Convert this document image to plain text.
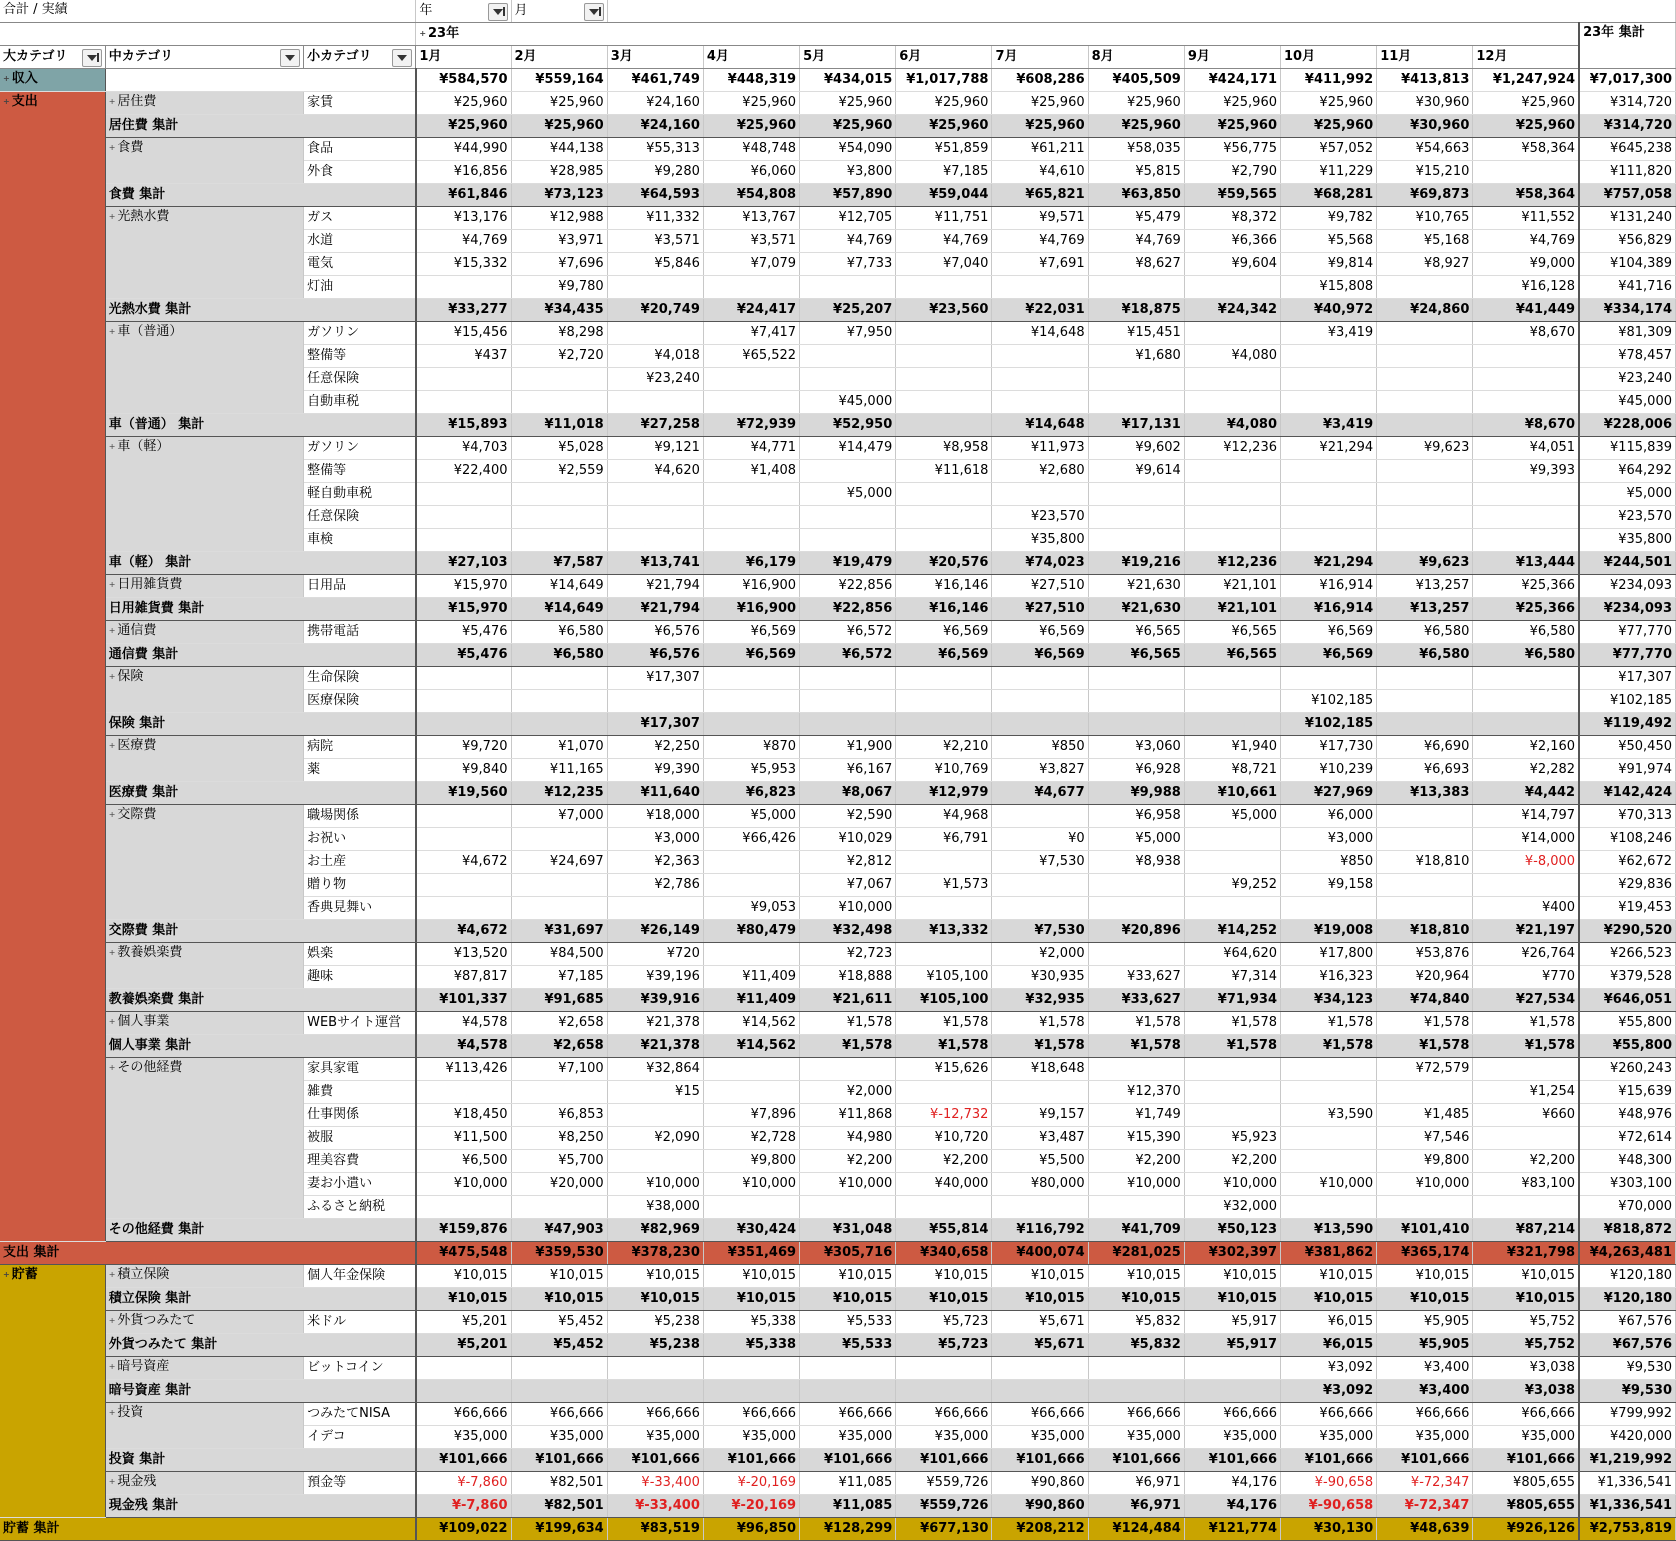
合計 / 実績			年	月										

			+ 23年												23年 集計
大カテゴリ	中カテゴリ	小カテゴリ	1月	2月	3月	4月	5月	6月	7月	8月	9月	10月	11月	12月	
+ 収入			¥584,570	¥559,164	¥461,749	¥448,319	¥434,015	¥1,017,788	¥608,286	¥405,509	¥424,171	¥411,992	¥413,813	¥1,247,924	¥7,017,300
+ 支出	+ 居住費	家賃	¥25,960	¥25,960	¥24,160	¥25,960	¥25,960	¥25,960	¥25,960	¥25,960	¥25,960	¥25,960	¥30,960	¥25,960	¥314,720
	居住費 集計		¥25,960	¥25,960	¥24,160	¥25,960	¥25,960	¥25,960	¥25,960	¥25,960	¥25,960	¥25,960	¥30,960	¥25,960	¥314,720
	+ 食費	食品	¥44,990	¥44,138	¥55,313	¥48,748	¥54,090	¥51,859	¥61,211	¥58,035	¥56,775	¥57,052	¥54,663	¥58,364	¥645,238
		外食	¥16,856	¥28,985	¥9,280	¥6,060	¥3,800	¥7,185	¥4,610	¥5,815	¥2,790	¥11,229	¥15,210		¥111,820
	食費 集計		¥61,846	¥73,123	¥64,593	¥54,808	¥57,890	¥59,044	¥65,821	¥63,850	¥59,565	¥68,281	¥69,873	¥58,364	¥757,058
	+ 光熱水費	ガス	¥13,176	¥12,988	¥11,332	¥13,767	¥12,705	¥11,751	¥9,571	¥5,479	¥8,372	¥9,782	¥10,765	¥11,552	¥131,240
		水道	¥4,769	¥3,971	¥3,571	¥3,571	¥4,769	¥4,769	¥4,769	¥4,769	¥6,366	¥5,568	¥5,168	¥4,769	¥56,829
		電気	¥15,332	¥7,696	¥5,846	¥7,079	¥7,733	¥7,040	¥7,691	¥8,627	¥9,604	¥9,814	¥8,927	¥9,000	¥104,389
		灯油		¥9,780								¥15,808		¥16,128	¥41,716
	光熱水費 集計		¥33,277	¥34,435	¥20,749	¥24,417	¥25,207	¥23,560	¥22,031	¥18,875	¥24,342	¥40,972	¥24,860	¥41,449	¥334,174
	+ 車（普通）	ガソリン	¥15,456	¥8,298		¥7,417	¥7,950		¥14,648	¥15,451		¥3,419		¥8,670	¥81,309
		整備等	¥437	¥2,720	¥4,018	¥65,522				¥1,680	¥4,080				¥78,457
		任意保険			¥23,240										¥23,240
		自動車税					¥45,000								¥45,000
	車（普通） 集計		¥15,893	¥11,018	¥27,258	¥72,939	¥52,950		¥14,648	¥17,131	¥4,080	¥3,419		¥8,670	¥228,006
	+ 車（軽）	ガソリン	¥4,703	¥5,028	¥9,121	¥4,771	¥14,479	¥8,958	¥11,973	¥9,602	¥12,236	¥21,294	¥9,623	¥4,051	¥115,839
		整備等	¥22,400	¥2,559	¥4,620	¥1,408		¥11,618	¥2,680	¥9,614				¥9,393	¥64,292
		軽自動車税					¥5,000								¥5,000
		任意保険							¥23,570						¥23,570
		車検							¥35,800						¥35,800
	車（軽） 集計		¥27,103	¥7,587	¥13,741	¥6,179	¥19,479	¥20,576	¥74,023	¥19,216	¥12,236	¥21,294	¥9,623	¥13,444	¥244,501
	+ 日用雑貨費	日用品	¥15,970	¥14,649	¥21,794	¥16,900	¥22,856	¥16,146	¥27,510	¥21,630	¥21,101	¥16,914	¥13,257	¥25,366	¥234,093
	日用雑貨費 集計		¥15,970	¥14,649	¥21,794	¥16,900	¥22,856	¥16,146	¥27,510	¥21,630	¥21,101	¥16,914	¥13,257	¥25,366	¥234,093
	+ 通信費	携帯電話	¥5,476	¥6,580	¥6,576	¥6,569	¥6,572	¥6,569	¥6,569	¥6,565	¥6,565	¥6,569	¥6,580	¥6,580	¥77,770
	通信費 集計		¥5,476	¥6,580	¥6,576	¥6,569	¥6,572	¥6,569	¥6,569	¥6,565	¥6,565	¥6,569	¥6,580	¥6,580	¥77,770
	+ 保険	生命保険			¥17,307										¥17,307
		医療保険										¥102,185			¥102,185
	保険 集計				¥17,307							¥102,185			¥119,492
	+ 医療費	病院	¥9,720	¥1,070	¥2,250	¥870	¥1,900	¥2,210	¥850	¥3,060	¥1,940	¥17,730	¥6,690	¥2,160	¥50,450
		薬	¥9,840	¥11,165	¥9,390	¥5,953	¥6,167	¥10,769	¥3,827	¥6,928	¥8,721	¥10,239	¥6,693	¥2,282	¥91,974
	医療費 集計		¥19,560	¥12,235	¥11,640	¥6,823	¥8,067	¥12,979	¥4,677	¥9,988	¥10,661	¥27,969	¥13,383	¥4,442	¥142,424
	+ 交際費	職場関係		¥7,000	¥18,000	¥5,000	¥2,590	¥4,968		¥6,958	¥5,000	¥6,000		¥14,797	¥70,313
		お祝い			¥3,000	¥66,426	¥10,029	¥6,791	¥0	¥5,000		¥3,000		¥14,000	¥108,246
		お土産	¥4,672	¥24,697	¥2,363		¥2,812		¥7,530	¥8,938		¥850	¥18,810	¥-8,000	¥62,672
		贈り物			¥2,786		¥7,067	¥1,573			¥9,252	¥9,158			¥29,836
		香典見舞い				¥9,053	¥10,000							¥400	¥19,453
	交際費 集計		¥4,672	¥31,697	¥26,149	¥80,479	¥32,498	¥13,332	¥7,530	¥20,896	¥14,252	¥19,008	¥18,810	¥21,197	¥290,520
	+ 教養娯楽費	娯楽	¥13,520	¥84,500	¥720		¥2,723		¥2,000		¥64,620	¥17,800	¥53,876	¥26,764	¥266,523
		趣味	¥87,817	¥7,185	¥39,196	¥11,409	¥18,888	¥105,100	¥30,935	¥33,627	¥7,314	¥16,323	¥20,964	¥770	¥379,528
	教養娯楽費 集計		¥101,337	¥91,685	¥39,916	¥11,409	¥21,611	¥105,100	¥32,935	¥33,627	¥71,934	¥34,123	¥74,840	¥27,534	¥646,051
	+ 個人事業	WEBサイト運営	¥4,578	¥2,658	¥21,378	¥14,562	¥1,578	¥1,578	¥1,578	¥1,578	¥1,578	¥1,578	¥1,578	¥1,578	¥55,800
	個人事業 集計		¥4,578	¥2,658	¥21,378	¥14,562	¥1,578	¥1,578	¥1,578	¥1,578	¥1,578	¥1,578	¥1,578	¥1,578	¥55,800
	+ その他経費	家具家電	¥113,426	¥7,100	¥32,864			¥15,626	¥18,648				¥72,579		¥260,243
		雑費			¥15		¥2,000			¥12,370				¥1,254	¥15,639
		仕事関係	¥18,450	¥6,853		¥7,896	¥11,868	¥-12,732	¥9,157	¥1,749		¥3,590	¥1,485	¥660	¥48,976
		被服	¥11,500	¥8,250	¥2,090	¥2,728	¥4,980	¥10,720	¥3,487	¥15,390	¥5,923		¥7,546		¥72,614
		理美容費	¥6,500	¥5,700		¥9,800	¥2,200	¥2,200	¥5,500	¥2,200	¥2,200		¥9,800	¥2,200	¥48,300
		妻お小遣い	¥10,000	¥20,000	¥10,000	¥10,000	¥10,000	¥40,000	¥80,000	¥10,000	¥10,000	¥10,000	¥10,000	¥83,100	¥303,100
		ふるさと納税			¥38,000						¥32,000				¥70,000
	その他経費 集計		¥159,876	¥47,903	¥82,969	¥30,424	¥31,048	¥55,814	¥116,792	¥41,709	¥50,123	¥13,590	¥101,410	¥87,214	¥818,872
支出 集計			¥475,548	¥359,530	¥378,230	¥351,469	¥305,716	¥340,658	¥400,074	¥281,025	¥302,397	¥381,862	¥365,174	¥321,798	¥4,263,481
+ 貯蓄	+ 積立保険	個人年金保険	¥10,015	¥10,015	¥10,015	¥10,015	¥10,015	¥10,015	¥10,015	¥10,015	¥10,015	¥10,015	¥10,015	¥10,015	¥120,180
	積立保険 集計		¥10,015	¥10,015	¥10,015	¥10,015	¥10,015	¥10,015	¥10,015	¥10,015	¥10,015	¥10,015	¥10,015	¥10,015	¥120,180
	+ 外貨つみたて	米ドル	¥5,201	¥5,452	¥5,238	¥5,338	¥5,533	¥5,723	¥5,671	¥5,832	¥5,917	¥6,015	¥5,905	¥5,752	¥67,576
	外貨つみたて 集計		¥5,201	¥5,452	¥5,238	¥5,338	¥5,533	¥5,723	¥5,671	¥5,832	¥5,917	¥6,015	¥5,905	¥5,752	¥67,576
	+ 暗号資産	ビットコイン										¥3,092	¥3,400	¥3,038	¥9,530
	暗号資産 集計											¥3,092	¥3,400	¥3,038	¥9,530
	+ 投資	つみたてNISA	¥66,666	¥66,666	¥66,666	¥66,666	¥66,666	¥66,666	¥66,666	¥66,666	¥66,666	¥66,666	¥66,666	¥66,666	¥799,992
		イデコ	¥35,000	¥35,000	¥35,000	¥35,000	¥35,000	¥35,000	¥35,000	¥35,000	¥35,000	¥35,000	¥35,000	¥35,000	¥420,000
	投資 集計		¥101,666	¥101,666	¥101,666	¥101,666	¥101,666	¥101,666	¥101,666	¥101,666	¥101,666	¥101,666	¥101,666	¥101,666	¥1,219,992
	+ 現金残	預金等	¥-7,860	¥82,501	¥-33,400	¥-20,169	¥11,085	¥559,726	¥90,860	¥6,971	¥4,176	¥-90,658	¥-72,347	¥805,655	¥1,336,541
	現金残 集計		¥-7,860	¥82,501	¥-33,400	¥-20,169	¥11,085	¥559,726	¥90,860	¥6,971	¥4,176	¥-90,658	¥-72,347	¥805,655	¥1,336,541
貯蓄 集計			¥109,022	¥199,634	¥83,519	¥96,850	¥128,299	¥677,130	¥208,212	¥124,484	¥121,774	¥30,130	¥48,639	¥926,126	¥2,753,819
